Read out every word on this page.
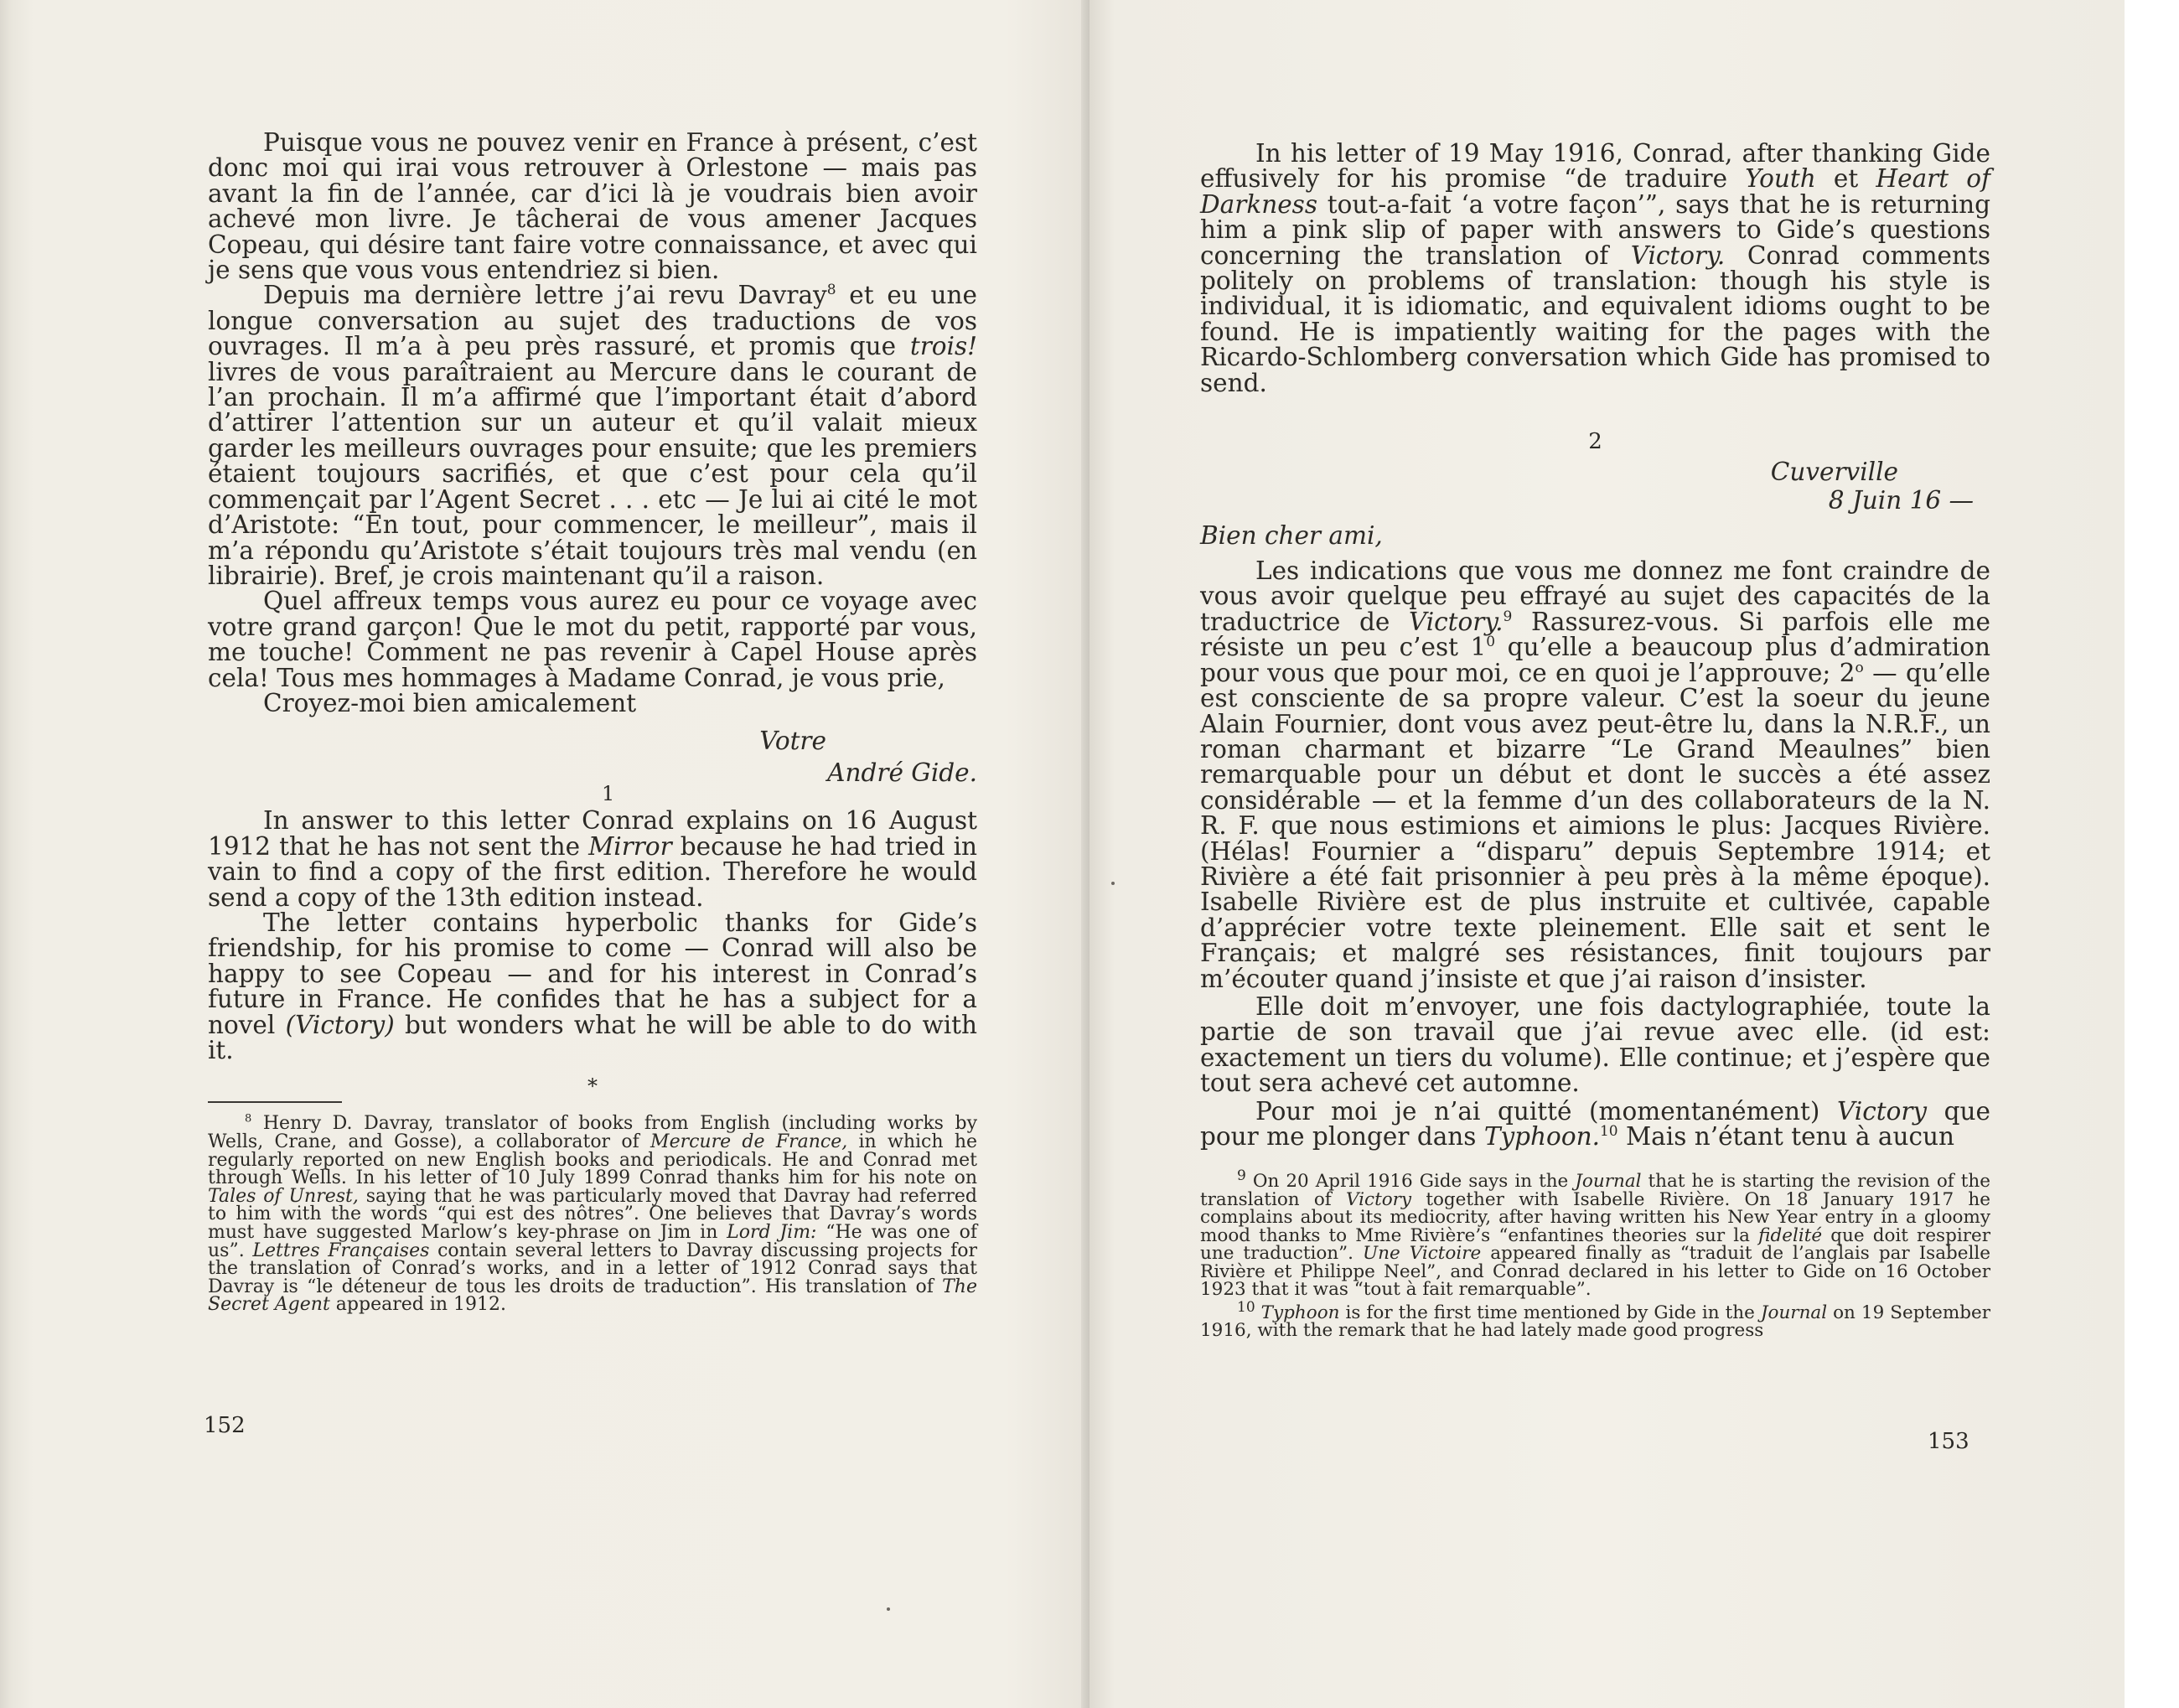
Puisque vous ne pouvez venir en France à présent, c’est donc moi qui irai vous retrouver à Orlestone — mais pas avant la fin de l’année, car d’ici là je voudrais bien avoir achevé mon livre. Je tâcherai de vous amener Jacques Copeau, qui désire tant faire votre connaissance, et avec qui je sens que vous vous entendriez si bien.

Depuis ma dernière lettre j’ai revu Davray$^8$ et eu une longue conversation au sujet des traductions de vos ouvrages. Il m’a à peu près rassuré, et promis que trois! livres de vous paraîtraient au Mercure dans le courant de l’an prochain. Il m’a affirmé que l’important était d’abord d’attirer l’attention sur un auteur et qu’il valait mieux garder les meilleurs ouvrages pour ensuite; que les premiers étaient toujours sacrifiés, et que c’est pour cela qu’il commençait par l’Agent Secret . . . etc — Je lui ai cité le mot d’Aristote: “En tout, pour commencer, le meilleur”, mais il m’a répondu qu’Aristote s’était toujours très mal vendu (en librairie). Bref, je crois maintenant qu’il a raison.

Quel affreux temps vous aurez eu pour ce voyage avec votre grand garçon! Que le mot du petit, rapporté par vous, me touche! Comment ne pas revenir à Capel House après cela! Tous mes hommages à Madame Conrad, je vous prie,

Croyez-moi bien amicalement

Votre
André Gide.
1

In answer to this letter Conrad explains on 16 August 1912 that he has not sent the Mirror because he had tried in vain to find a copy of the first edition. Therefore he would send a copy of the 13th edition instead.

The letter contains hyperbolic thanks for Gide’s friendship, for his promise to come — Conrad will also be happy to see Copeau — and for his interest in Conrad’s future in France. He confides that he has a subject for a novel (Victory) but wonders what he will be able to do with it.

*

$^8$ Henry D. Davray, translator of books from English (including works by Wells, Crane, and Gosse), a collaborator of Mercure de France, in which he regularly reported on new English books and periodicals. He and Conrad met through Wells. In his letter of 10 July 1899 Conrad thanks him for his note on Tales of Unrest, saying that he was particularly moved that Davray had referred to him with the words “qui est des nôtres”. One believes that Davray’s words must have suggested Marlow’s key-phrase on Jim in Lord Jim: “He was one of us”. Lettres Françaises contain several letters to Davray discussing projects for the translation of Conrad’s works, and in a letter of 1912 Conrad says that Davray is “le déteneur de tous les droits de traduction”. His translation of The Secret Agent appeared in 1912.

152

In his letter of 19 May 1916, Conrad, after thanking Gide effusively for his promise “de traduire Youth et Heart of Darkness tout-a-fait ‘a votre façon’”, says that he is returning him a pink slip of paper with answers to Gide’s questions concerning the translation of Victory. Conrad comments politely on problems of translation: though his style is individual, it is idiomatic, and equivalent idioms ought to be found. He is impatiently waiting for the pages with the Ricardo-Schlomberg conversation which Gide has promised to send.

2
Cuverville
8 Juin 16 —
Bien cher ami,

Les indications que vous me donnez me font craindre de vous avoir quelque peu effrayé au sujet des capacités de la traductrice de Victory.$^9$ Rassurez-vous. Si parfois elle me résiste un peu c’est $1^0$ qu’elle a beaucoup plus d’admiration pour vous que pour moi, ce en quoi je l’approuve; 2$^o$ — qu’elle est consciente de sa propre valeur. C’est la soeur du jeune Alain Fournier, dont vous avez peut-être lu, dans la N.R.F., un roman charmant et bizarre “Le Grand Meaulnes” bien remarquable pour un début et dont le succès a été assez considérable — et la femme d’un des collaborateurs de la N. R. F. que nous estimions et aimions le plus: Jacques Rivière. (Hélas! Fournier a “disparu” depuis Septembre 1914; et Rivière a été fait prisonnier à peu près à la même époque). Isabelle Rivière est de plus instruite et cultivée, capable d’apprécier votre texte pleinement. Elle sait et sent le Français; et malgré ses résistances, finit toujours par m’écouter quand j’insiste et que j’ai raison d’insister.

Elle doit m’envoyer, une fois dactylographiée, toute la partie de son travail que j’ai revue avec elle. (id est: exactement un tiers du volume). Elle continue; et j’espère que tout sera achevé cet automne.

Pour moi je n’ai quitté (momentanément) Victory que pour me plonger dans Typhoon.$^{10}$ Mais n’étant tenu à aucun

$^9$ On 20 April 1916 Gide says in the Journal that he is starting the revision of the translation of Victory together with Isabelle Rivière. On 18 January 1917 he complains about its mediocrity, after having written his New Year entry in a gloomy mood thanks to Mme Rivière’s “enfantines theories sur la fidelité que doit respirer une traduction”. Une Victoire appeared finally as “traduit de l’anglais par Isabelle Rivière et Philippe Neel”, and Conrad declared in his letter to Gide on 16 October 1923 that it was “tout à fait remarquable”.

$^{10}$ Typhoon is for the first time mentioned by Gide in the Journal on 19 September 1916, with the remark that he had lately made good progress

153
